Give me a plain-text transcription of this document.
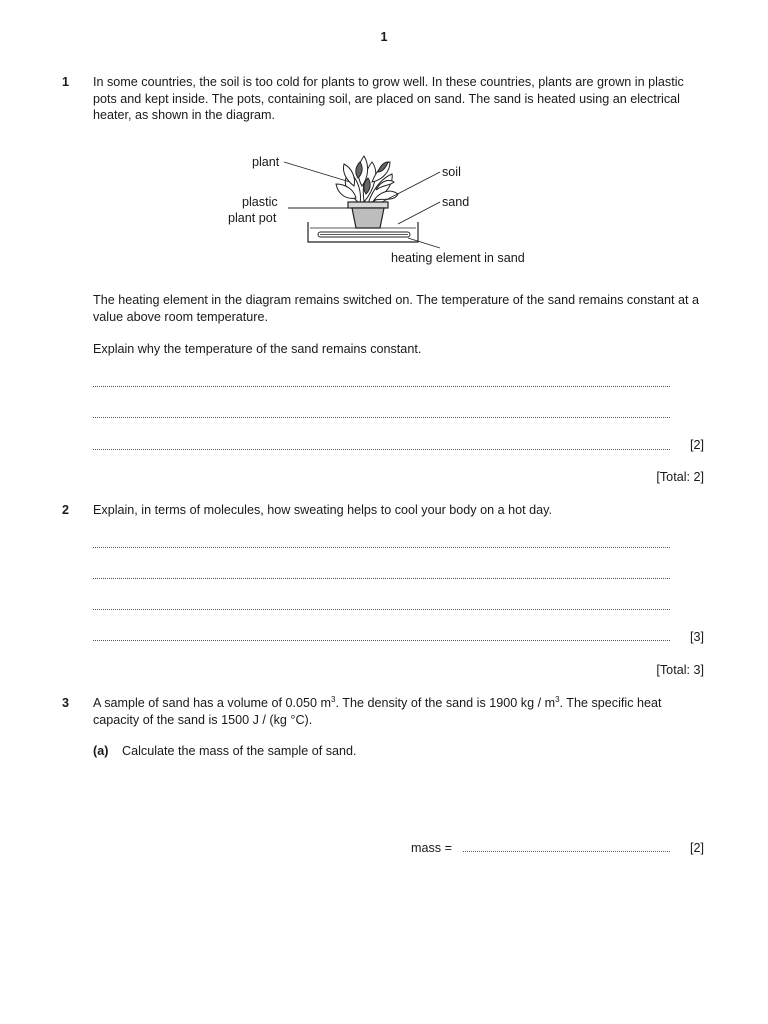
1
1 In some countries, the soil is too cold for plants to grow well. In these countries, plants are grown in plastic pots and kept inside. The pots, containing soil, are placed on sand. The sand is heated using an electrical heater, as shown in the diagram.
plant
soil
plastic
plant pot
sand
heating element in sand
The heating element in the diagram remains switched on. The temperature of the sand remains constant at a value above room temperature.
Explain why the temperature of the sand remains constant.
[2]
[Total: 2]
2 Explain, in terms of molecules, how sweating helps to cool your body on a hot day.
[3]
[Total: 3]
3 A sample of sand has a volume of 0.050 $m^3$. The density of the sand is 1900 kg / $m^3$. The specific heat capacity of the sand is 1500 J / (kg °C).
(a) Calculate the mass of the sample of sand.
mass =	[2]
